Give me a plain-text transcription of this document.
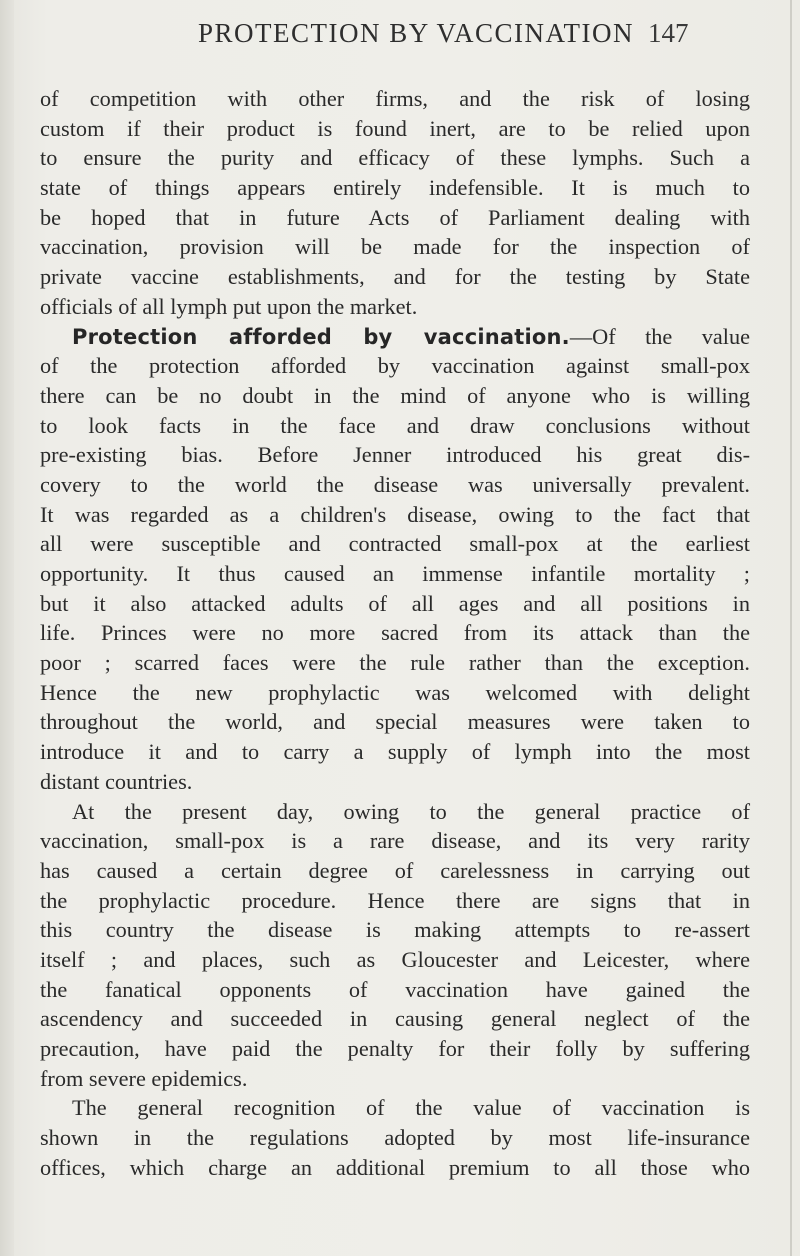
PROTECTION BY VACCINATION 147
of competition with other firms, and the risk of losing
custom if their product is found inert, are to be relied upon
to ensure the purity and efficacy of these lymphs. Such a
state of things appears entirely indefensible. It is much to
be hoped that in future Acts of Parliament dealing with
vaccination, provision will be made for the inspection of
private vaccine establishments, and for the testing by State
officials of all lymph put upon the market.
Protection afforded by vaccination.—Of the value
of the protection afforded by vaccination against small-pox
there can be no doubt in the mind of anyone who is willing
to look facts in the face and draw conclusions without
pre-existing bias. Before Jenner introduced his great dis-
covery to the world the disease was universally prevalent.
It was regarded as a children's disease, owing to the fact that
all were susceptible and contracted small-pox at the earliest
opportunity. It thus caused an immense infantile mortality ;
but it also attacked adults of all ages and all positions in
life. Princes were no more sacred from its attack than the
poor ; scarred faces were the rule rather than the exception.
Hence the new prophylactic was welcomed with delight
throughout the world, and special measures were taken to
introduce it and to carry a supply of lymph into the most
distant countries.
At the present day, owing to the general practice of
vaccination, small-pox is a rare disease, and its very rarity
has caused a certain degree of carelessness in carrying out
the prophylactic procedure. Hence there are signs that in
this country the disease is making attempts to re-assert
itself ; and places, such as Gloucester and Leicester, where
the fanatical opponents of vaccination have gained the
ascendency and succeeded in causing general neglect of the
precaution, have paid the penalty for their folly by suffering
from severe epidemics.
The general recognition of the value of vaccination is
shown in the regulations adopted by most life-insurance
offices, which charge an additional premium to all those who
